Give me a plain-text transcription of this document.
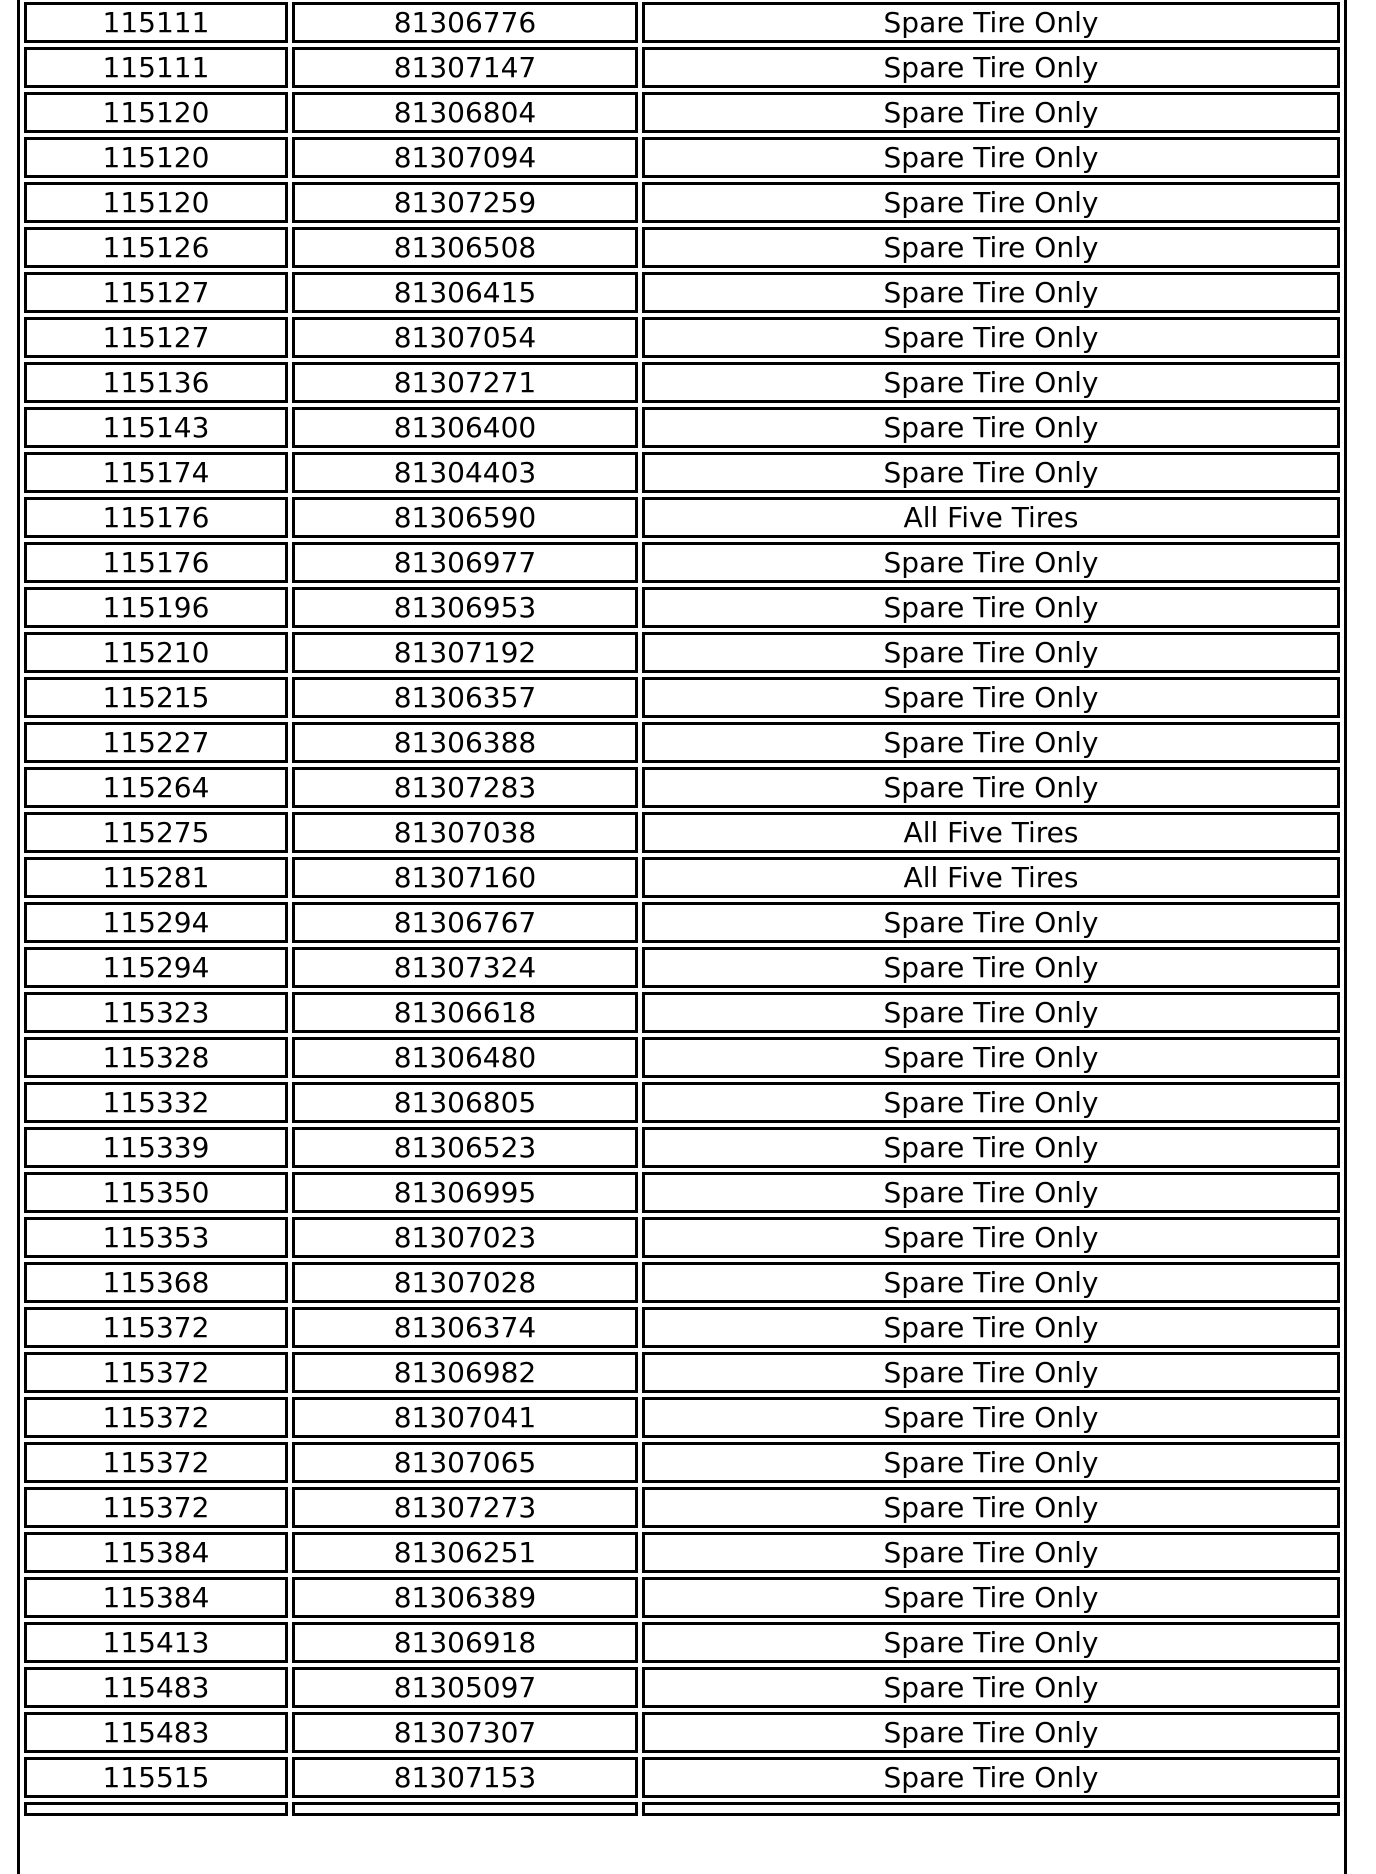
115111	81306776	Spare Tire Only
115111	81307147	Spare Tire Only
115120	81306804	Spare Tire Only
115120	81307094	Spare Tire Only
115120	81307259	Spare Tire Only
115126	81306508	Spare Tire Only
115127	81306415	Spare Tire Only
115127	81307054	Spare Tire Only
115136	81307271	Spare Tire Only
115143	81306400	Spare Tire Only
115174	81304403	Spare Tire Only
115176	81306590	All Five Tires
115176	81306977	Spare Tire Only
115196	81306953	Spare Tire Only
115210	81307192	Spare Tire Only
115215	81306357	Spare Tire Only
115227	81306388	Spare Tire Only
115264	81307283	Spare Tire Only
115275	81307038	All Five Tires
115281	81307160	All Five Tires
115294	81306767	Spare Tire Only
115294	81307324	Spare Tire Only
115323	81306618	Spare Tire Only
115328	81306480	Spare Tire Only
115332	81306805	Spare Tire Only
115339	81306523	Spare Tire Only
115350	81306995	Spare Tire Only
115353	81307023	Spare Tire Only
115368	81307028	Spare Tire Only
115372	81306374	Spare Tire Only
115372	81306982	Spare Tire Only
115372	81307041	Spare Tire Only
115372	81307065	Spare Tire Only
115372	81307273	Spare Tire Only
115384	81306251	Spare Tire Only
115384	81306389	Spare Tire Only
115413	81306918	Spare Tire Only
115483	81305097	Spare Tire Only
115483	81307307	Spare Tire Only
115515	81307153	Spare Tire Only
